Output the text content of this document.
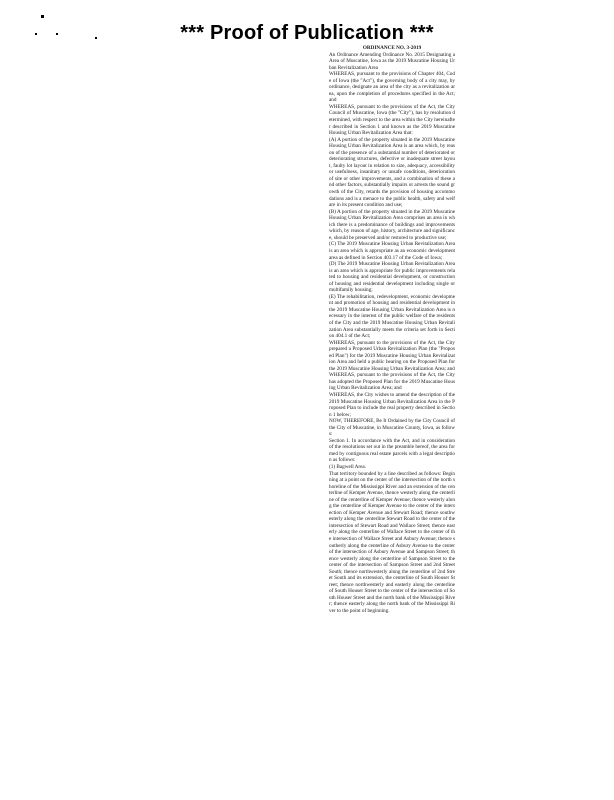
*** Proof of Publication ***
ORDINANCE NO. 3-2019

An Ordinance Amending Ordinance No. 2015 Designating a Area of Muscatine, Iowa as the 2019 Muscatine Housing Urban Revitalization Area

WHEREAS, pursuant to the provisions of Chapter 404, Code of Iowa (the "Act"), the governing body of a city may, by ordinance, designate an area of the city as a revitalization area, upon the completion of procedures specified in the Act; and

WHEREAS, pursuant to the provisions of the Act, the City Council of Muscatine, Iowa (the "City"), has by resolution determined, with respect to the area within the City hereinafter described in Section 1 and known as the 2019 Muscatine Housing Urban Revitalization Area that:

(A) A portion of the property situated in the 2019 Muscatine Housing Urban Revitalization Area is an area which, by reason of the presence of a substantial number of deteriorated or deteriorating structures, defective or inadequate street layout, faulty lot layout in relation to size, adequacy, accessibility or usefulness, insanitary or unsafe conditions, deterioration of site or other improvements, and a combination of these and other factors, substantially impairs or arrests the sound growth of the City, retards the provision of housing accommodations and is a menace to the public health, safety and welfare in its present condition and use;

(B) A portion of the property situated in the 2019 Muscatine Housing Urban Revitalization Area comprises an area in which there is a predominance of buildings and improvements which, by reason of age, history, architecture and significance, should be preserved and/or restored to productive use;

(C) The 2019 Muscatine Housing Urban Revitalization Area is an area which is appropriate as an economic development area as defined in Section 403.17 of the Code of Iowa;

(D) The 2019 Muscatine Housing Urban Revitalization Area is an area which is appropriate for public improvements related to housing and residential development, or construction of housing and residential development including single or multifamily housing;

(E) The rehabilitation, redevelopment, economic development and promotion of housing and residential development in the 2019 Muscatine Housing Urban Revitalization Area is necessary in the interest of the public welfare of the residents of the City and the 2019 Muscatine Housing Urban Revitalization Area substantially meets the criteria set forth in Section 404.1 of the Act;

WHEREAS, pursuant to the provisions of the Act, the City prepared a Proposed Urban Revitalization Plan (the "Proposed Plan") for the 2019 Muscatine Housing Urban Revitalization Area and held a public hearing on the Proposed Plan for the 2019 Muscatine Housing Urban Revitalization Area; and

WHEREAS, pursuant to the provisions of the Act, the City has adopted the Proposed Plan for the 2019 Muscatine Housing Urban Revitalization Area; and

WHEREAS, the City wishes to amend the description of the 2019 Muscatine Housing Urban Revitalization Area in the Proposed Plan to include the real property described in Section 1 below;

NOW, THEREFORE, Be It Ordained by the City Council of the City of Muscatine, in Muscatine County, Iowa, as follows:

Section 1. In accordance with the Act, and in consideration of the resolutions set out in the preamble hereof, the area formed by contiguous real estate parcels with a legal description as follows:

(1) Bagwell Area.

That territory bounded by a line described as follows: Beginning at a point on the center of the intersection of the north shoreline of the Mississippi River and an extension of the centerline of Kemper Avenue, thence westerly along the centerline of the centerline of Kemper Avenue; thence westerly along the centerline of Kemper Avenue to the center of the intersection of Kemper Avenue and Stewart Road; thence southwesterly along the centerline Stewart Road to the center of the intersection of Stewart Road and Wallace Street; thence easterly along the centerline of Wallace Street to the center of the intersection of Wallace Street and Asbury Avenue; thence southerly along the centerline of Asbury Avenue to the center of the intersection of Asbury Avenue and Sampson Street; thence westerly along the centerline of Sampson Street to the center of the intersection of Sampson Street and 2nd Street South; thence northwesterly along the centerline of 2nd Street South and its extension, the centerline of South Houser Street; thence northwesterly and easterly along the centerline of South Houser Street to the center of the intersection of South Houser Street and the north bank of the Mississippi River; thence easterly along the north bank of the Mississippi River to the point of beginning.
